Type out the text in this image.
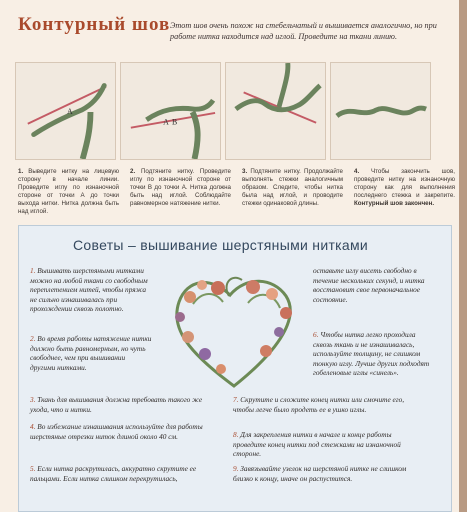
Контурный шов Этот шов очень похож на стебельчатый и вышивается аналогично, но при работе нитка находится над иглой. Проведите на ткани линию.
A
A B
1. Выведите нитку на лицевую сторону в начале линии. Проведите иглу по изнаночной стороне от точки А до точки выхода нитки. Нитка должна быть над иглой.
2. Подтяните нитку. Проведите иглу по изнаночной стороне от точки В до точки А. Нитка должна быть над иглой. Соблюдайте равномерное натяжение нитки.
3. Подтяните нитку. Продолжайте выполнять стежки аналогичным образом. Следите, чтобы нитка была над иглой, и проводите стежки одинаковой длины.
4. Чтобы закончить шов, проведите нитку на изнаночную сторону как для выполнения последнего стежка и закрепите. Контурный шов закончен.
Советы – вышивание шерстяными нитками
1. Вышивать шерстяными нитками можно на любой ткани со свободным переплетением нитей, чтобы пряжа не сильно изнашивалась при прохождении сквозь полотно.
2. Во время работы натяжение нитки должно быть равномерным, но чуть свободнее, чем при вышивании другими нитками.
3. Ткань для вышивания должна требовать такого же ухода, что и нитки.
4. Во избежание изнашивания используйте для работы шерстяные отрезки ниток длиной около 40 см.
5. Если нитка раскрутилась, аккуратно скрутите ее пальцами. Если нитка слишком перекрутилась,
оставьте иглу висеть свободно в течение нескольких секунд, и нитка восстановит свое первоначальное состояние.
6. Чтобы нитка легко проходила сквозь ткань и не изнашивалась, используйте толщину, не слишком тонкую иглу. Лучше других подходят гобеленовые иглы «синель».
7. Скрутите и сложите конец нитки или смочите его, чтобы легче было продеть ее в ушко иглы.
8. Для закрепления нитки в начале и конце работы проведите конец нитки под стежками на изнаночной стороне.
9. Завязывайте узелок на шерстяной нитке не слишком близко к концу, иначе он распустится.
